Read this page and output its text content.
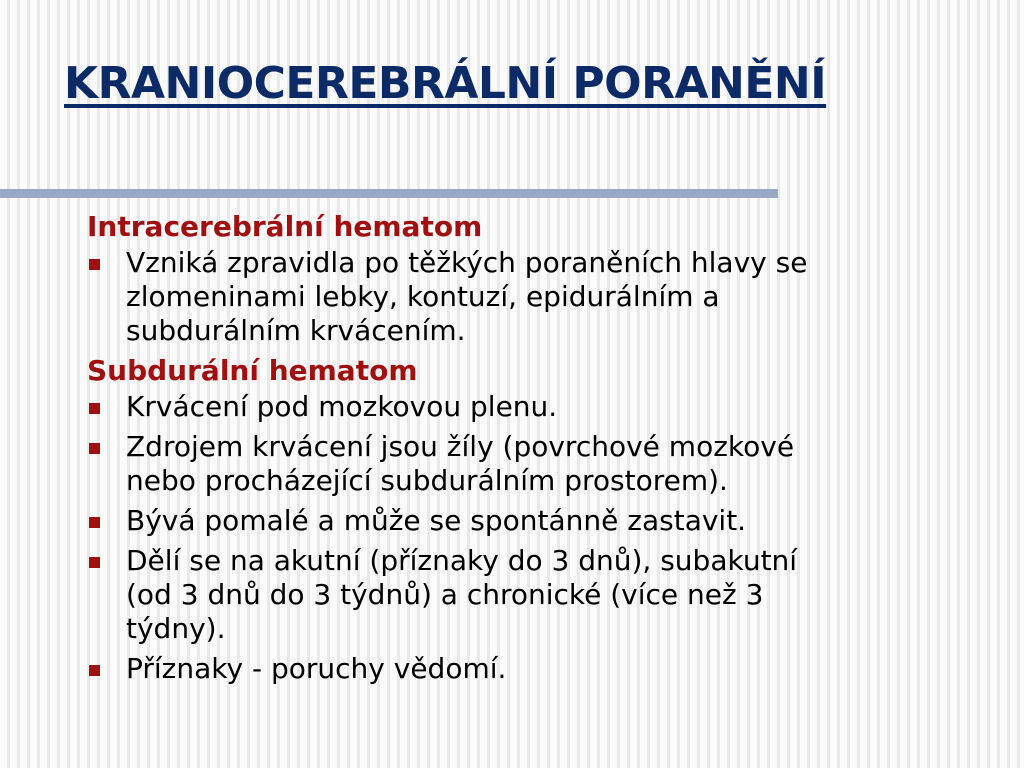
KRANIOCEREBRÁLNÍ PORANĚNÍ
Intracerebrální hematom
Vzniká zpravidla po těžkých poraněních hlavy se
zlomeninami lebky, kontuzí, epidurálním a
subdurálním krvácením.
Subdurální hematom
Krvácení pod mozkovou plenu.
Zdrojem krvácení jsou žíly (povrchové mozkové
nebo procházející subdurálním prostorem).
Bývá pomalé a může se spontánně zastavit.
Dělí se na akutní (příznaky do 3 dnů), subakutní
(od 3 dnů do 3 týdnů) a chronické (více než 3
týdny).
Příznaky - poruchy vědomí.
